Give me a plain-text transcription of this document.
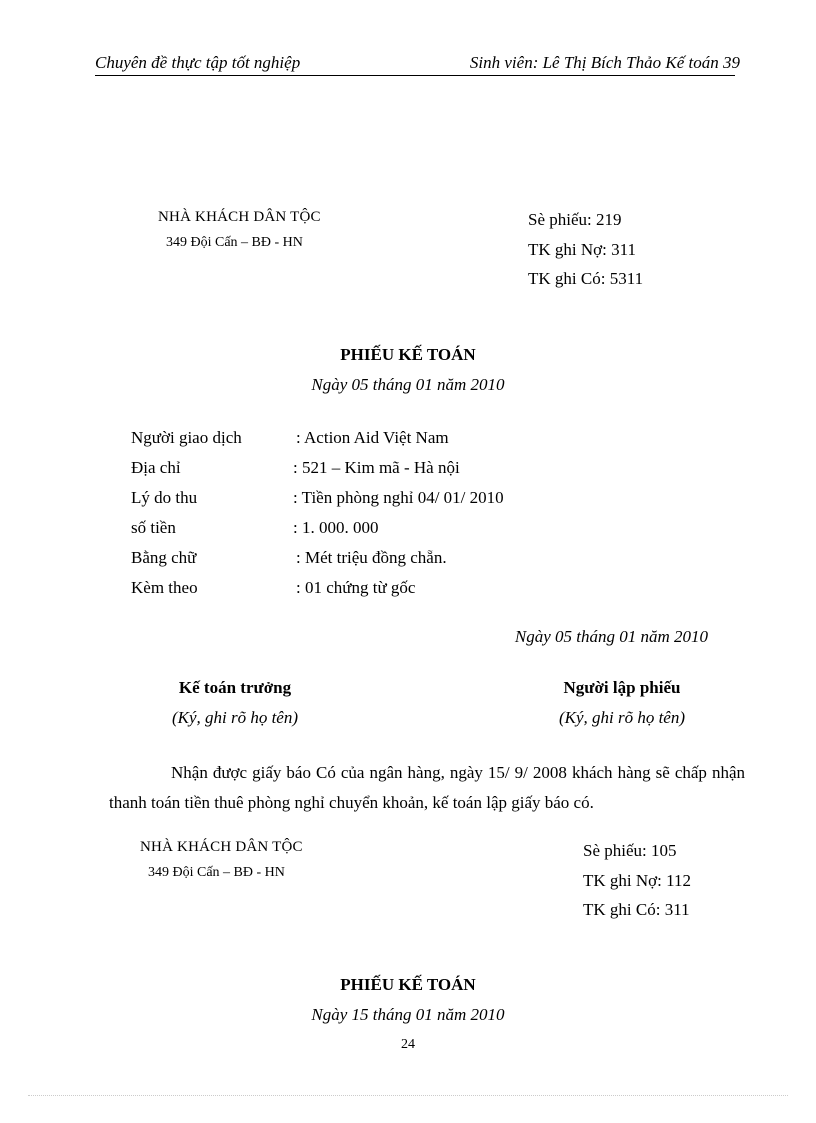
Chuyên đề thực tập tốt nghiệp	Sinh viên: Lê Thị Bích Thảo Kế toán 39
NHÀ KHÁCH DÂN TỘC
349 Đội Cấn – BĐ - HN
Sè phiếu: 219
TK ghi Nợ: 311
TK ghi Có: 5311
PHIẾU KẾ TOÁN
Ngày 05 tháng 01 năm 2010
Người giao dịch	: Action Aid Việt Nam
Địa chỉ	: 521 – Kim mã - Hà nội
Lý do thu	: Tiền phòng nghỉ 04/ 01/ 2010
số tiền	: 1. 000. 000
Bằng chữ	: Mét triệu đồng chẵn.
Kèm theo	: 01 chứng từ gốc
Ngày 05 tháng 01 năm 2010
Kế toán trưởng
(Ký, ghi rõ họ tên)
Người lập phiếu
(Ký, ghi rõ họ tên)
Nhận được giấy báo Có của ngân hàng, ngày 15/ 9/ 2008 khách hàng sẽ chấp nhận thanh toán tiền thuê phòng nghỉ chuyển khoản, kế toán lập giấy báo có.
NHÀ KHÁCH DÂN TỘC
349 Đội Cấn – BĐ - HN
Sè phiếu: 105
TK ghi Nợ: 112
TK ghi Có: 311
PHIẾU KẾ TOÁN
Ngày 15 tháng 01 năm 2010
24
